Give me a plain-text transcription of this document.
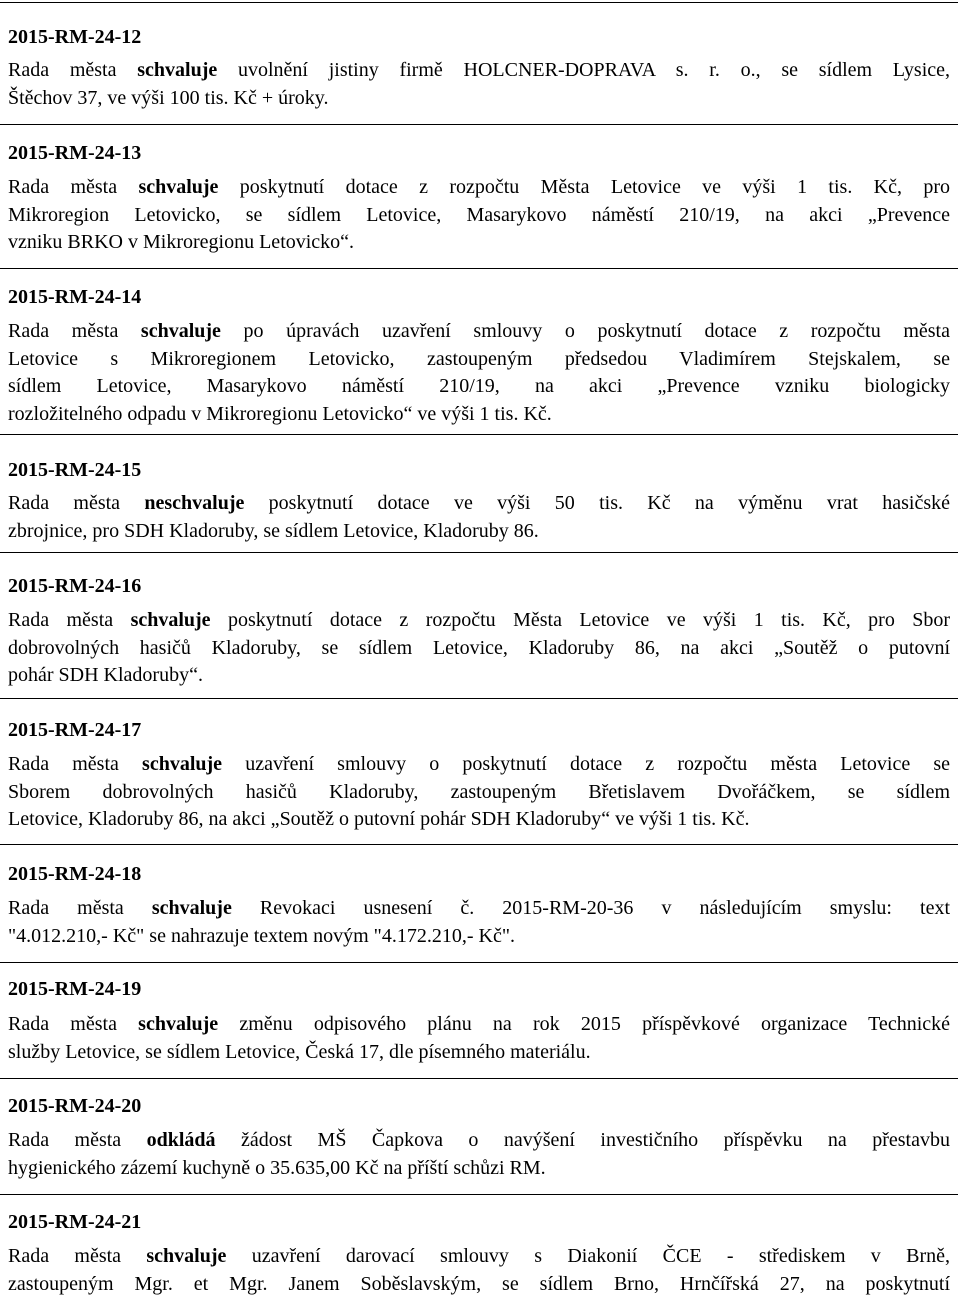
2015-RM-24-12
Rada města schvaluje uvolnění jistiny firmě HOLCNER-DOPRAVA s. r. o., se sídlem Lysice,
Štěchov 37, ve výši 100 tis. Kč + úroky.
2015-RM-24-13
Rada města schvaluje poskytnutí dotace z rozpočtu Města Letovice ve výši 1 tis. Kč, pro
Mikroregion Letovicko, se sídlem Letovice, Masarykovo náměstí 210/19, na akci „Prevence
vzniku BRKO v Mikroregionu Letovicko“.
2015-RM-24-14
Rada města schvaluje po úpravách uzavření smlouvy o poskytnutí dotace z rozpočtu města
Letovice s Mikroregionem Letovicko, zastoupeným předsedou Vladimírem Stejskalem, se
sídlem Letovice, Masarykovo náměstí 210/19, na akci „Prevence vzniku biologicky
rozložitelného odpadu v Mikroregionu Letovicko“ ve výši 1 tis. Kč.
2015-RM-24-15
Rada města neschvaluje poskytnutí dotace ve výši 50 tis. Kč na výměnu vrat hasičské
zbrojnice, pro SDH Kladoruby, se sídlem Letovice, Kladoruby 86.
2015-RM-24-16
Rada města schvaluje poskytnutí dotace z rozpočtu Města Letovice ve výši 1 tis. Kč, pro Sbor
dobrovolných hasičů Kladoruby, se sídlem Letovice, Kladoruby 86, na akci „Soutěž o putovní
pohár SDH Kladoruby“.
2015-RM-24-17
Rada města schvaluje uzavření smlouvy o poskytnutí dotace z rozpočtu města Letovice se
Sborem dobrovolných hasičů Kladoruby, zastoupeným Břetislavem Dvořáčkem, se sídlem
Letovice, Kladoruby 86, na akci „Soutěž o putovní pohár SDH Kladoruby“ ve výši 1 tis. Kč.
2015-RM-24-18
Rada města schvaluje Revokaci usnesení č. 2015-RM-20-36 v následujícím smyslu: text
"4.012.210,- Kč" se nahrazuje textem novým "4.172.210,- Kč".
2015-RM-24-19
Rada města schvaluje změnu odpisového plánu na rok 2015 příspěvkové organizace Technické
služby Letovice, se sídlem Letovice, Česká 17, dle písemného materiálu.
2015-RM-24-20
Rada města odkládá žádost MŠ Čapkova o navýšení investičního příspěvku na přestavbu
hygienického zázemí kuchyně o 35.635,00 Kč na příští schůzi RM.
2015-RM-24-21
Rada města schvaluje uzavření darovací smlouvy s Diakonií ČCE - střediskem v Brně,
zastoupeným Mgr. et Mgr. Janem Soběslavským, se sídlem Brno, Hrnčířská 27, na poskytnutí
